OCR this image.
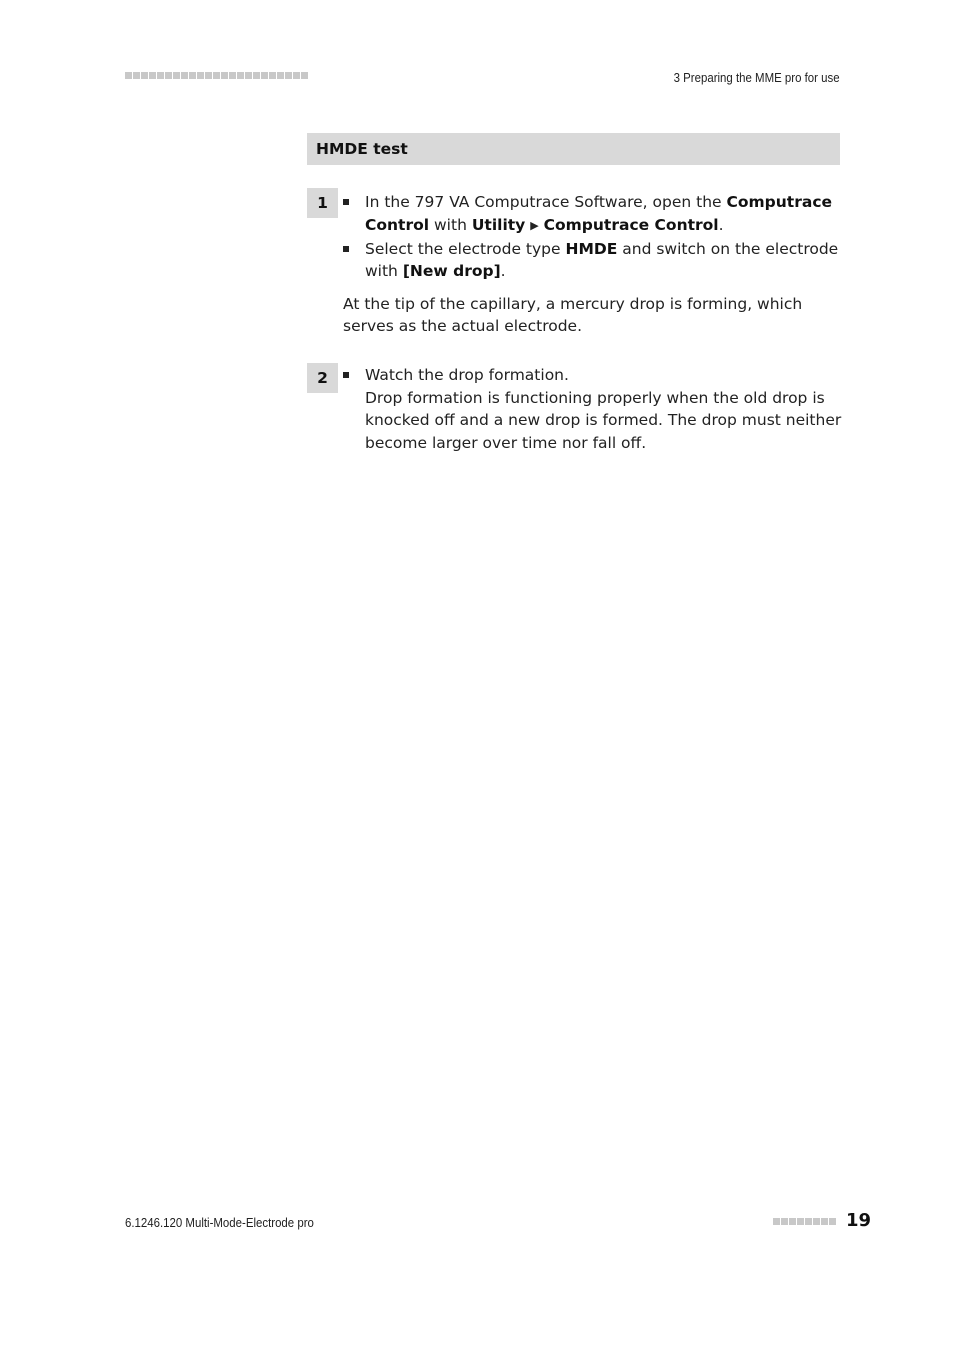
3 Preparing the MME pro for use
HMDE test
1	In the 797 VA Computrace Software, open the Computrace Control with Utility ▶ Computrace Control.

Select the electrode type HMDE and switch on the electrode with [New drop].

At the tip of the capillary, a mercury drop is forming, which serves as the actual electrode.

2	Watch the drop formation.
Drop formation is functioning properly when the old drop is knocked off and a new drop is formed. The drop must neither become larger over time nor fall off.
6.1246.120 Multi-Mode-Electrode pro	19
